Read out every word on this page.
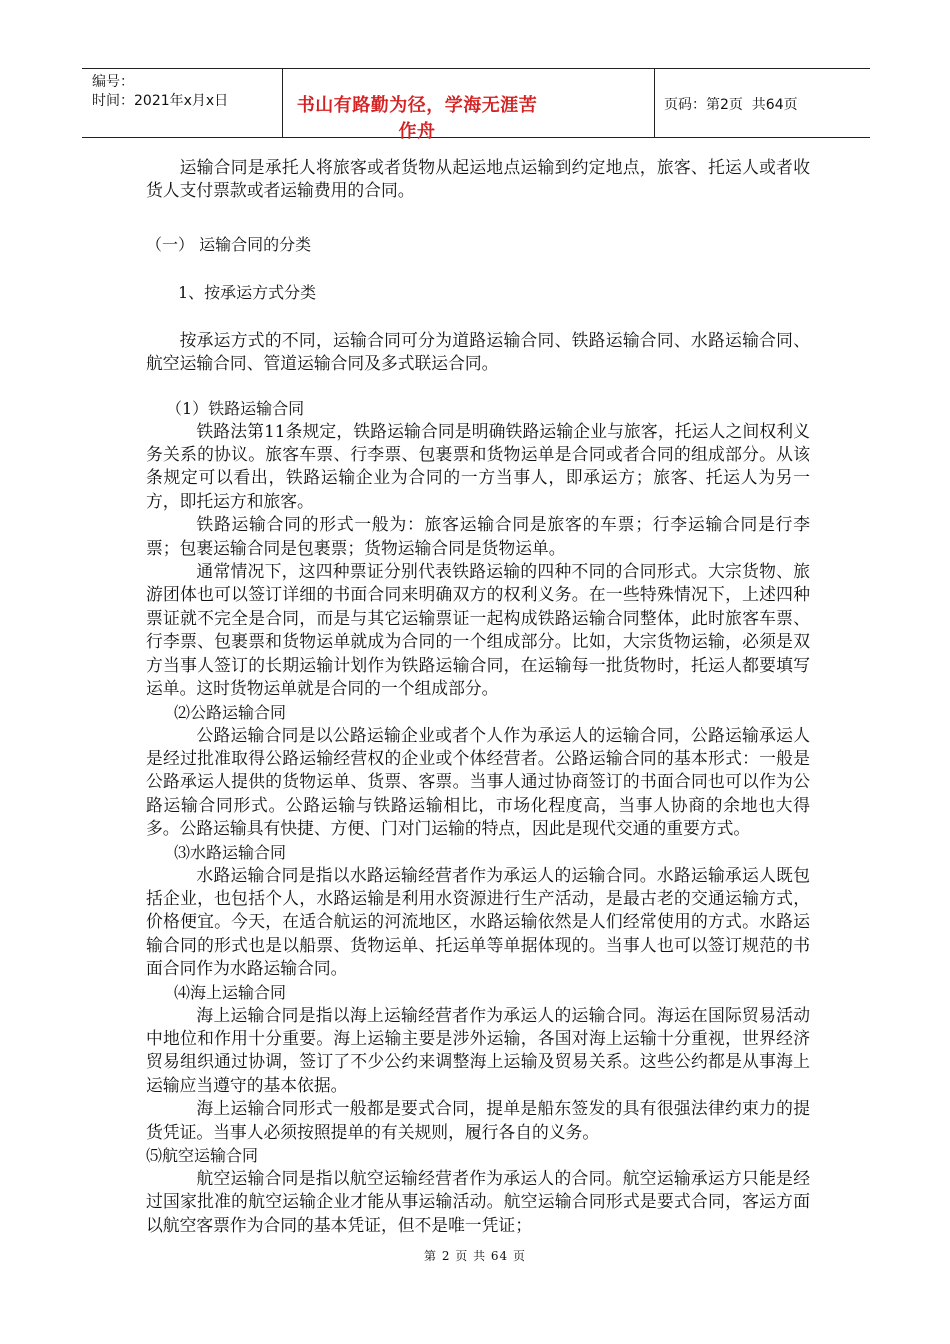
编号：
时间：2021年x月x日	书山有路勤为径，学海无涯苦作舟
页码：第2页  共64页

运输合同是承托人将旅客或者货物从起运地点运输到约定地点，旅客、托运人或者收货人支付票款或者运输费用的合同。

（一） 运输合同的分类

1、按承运方式分类

按承运方式的不同，运输合同可分为道路运输合同、铁路运输合同、水路运输合同、航空运输合同、管道运输合同及多式联运合同。

（1）铁路运输合同

铁路法第11条规定，铁路运输合同是明确铁路运输企业与旅客，托运人之间权利义务关系的协议。旅客车票、行李票、包裹票和货物运单是合同或者合同的组成部分。从该条规定可以看出，铁路运输企业为合同的一方当事人，即承运方；旅客、托运人为另一方，即托运方和旅客。

铁路运输合同的形式一般为：旅客运输合同是旅客的车票；行李运输合同是行李票；包裹运输合同是包裹票；货物运输合同是货物运单。

通常情况下，这四种票证分别代表铁路运输的四种不同的合同形式。大宗货物、旅游团体也可以签订详细的书面合同来明确双方的权利义务。在一些特殊情况下，上述四种票证就不完全是合同，而是与其它运输票证一起构成铁路运输合同整体，此时旅客车票、行李票、包裹票和货物运单就成为合同的一个组成部分。比如，大宗货物运输，必须是双方当事人签订的长期运输计划作为铁路运输合同，在运输每一批货物时，托运人都要填写运单。这时货物运单就是合同的一个组成部分。

⑵公路运输合同

公路运输合同是以公路运输企业或者个人作为承运人的运输合同，公路运输承运人是经过批准取得公路运输经营权的企业或个体经营者。公路运输合同的基本形式：一般是公路承运人提供的货物运单、货票、客票。当事人通过协商签订的书面合同也可以作为公路运输合同形式。公路运输与铁路运输相比，市场化程度高，当事人协商的余地也大得多。公路运输具有快捷、方便、门对门运输的特点，因此是现代交通的重要方式。

⑶水路运输合同

水路运输合同是指以水路运输经营者作为承运人的运输合同。水路运输承运人既包括企业，也包括个人，水路运输是利用水资源进行生产活动，是最古老的交通运输方式，价格便宜。今天，在适合航运的河流地区，水路运输依然是人们经常使用的方式。水路运输合同的形式也是以船票、货物运单、托运单等单据体现的。当事人也可以签订规范的书面合同作为水路运输合同。

⑷海上运输合同

海上运输合同是指以海上运输经营者作为承运人的运输合同。海运在国际贸易活动中地位和作用十分重要。海上运输主要是涉外运输，各国对海上运输十分重视，世界经济贸易组织通过协调，签订了不少公约来调整海上运输及贸易关系。这些公约都是从事海上运输应当遵守的基本依据。

海上运输合同形式一般都是要式合同，提单是船东签发的具有很强法律约束力的提货凭证。当事人必须按照提单的有关规则，履行各自的义务。

⑸航空运输合同

航空运输合同是指以航空运输经营者作为承运人的合同。航空运输承运方只能是经过国家批准的航空运输企业才能从事运输活动。航空运输合同形式是要式合同，客运方面以航空客票作为合同的基本凭证，但不是唯一凭证；

第 2 页 共 64 页
